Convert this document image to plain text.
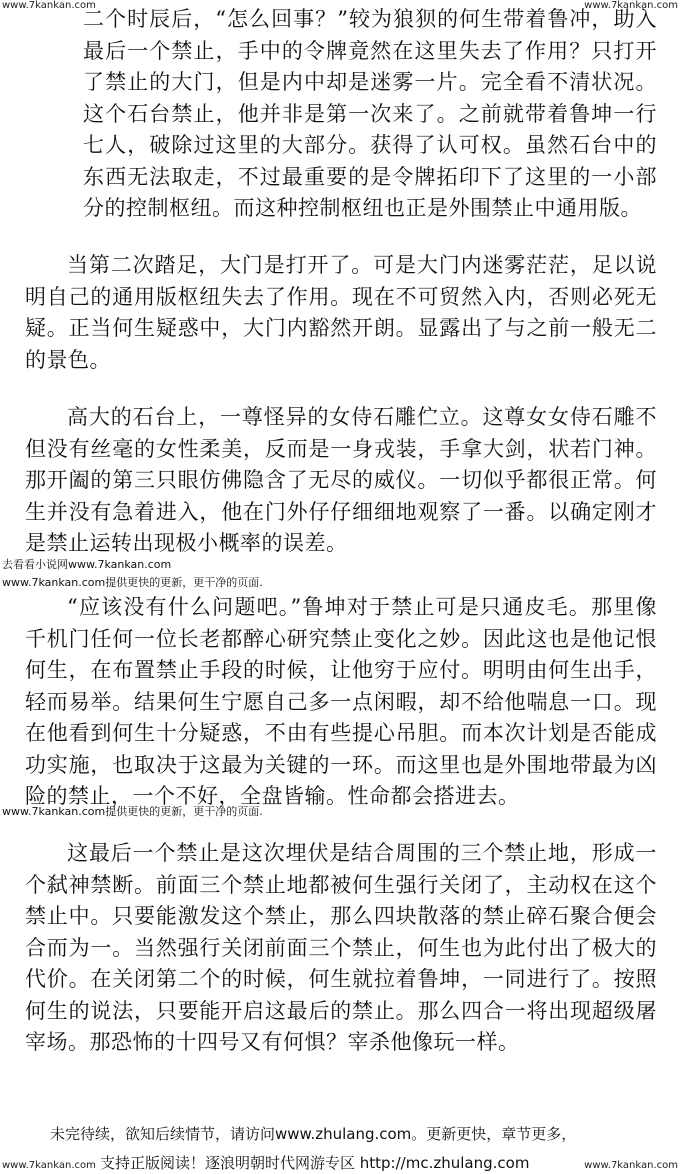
www.7kankan.com	www.7kankan.com

二个时辰后，“怎么回事？”较为狼狈的何生带着鲁冲，助入最后一个禁止，手中的令牌竟然在这里失去了作用？只打开了禁止的大门，但是内中却是迷雾一片。完全看不清状况。这个石台禁止，他并非是第一次来了。之前就带着鲁坤一行七人，破除过这里的大部分。获得了认可权。虽然石台中的东西无法取走，不过最重要的是令牌拓印下了这里的一小部分的控制枢纽。而这种控制枢纽也正是外围禁止中通用版。

当第二次踏足，大门是打开了。可是大门内迷雾茫茫，足以说明自己的通用版枢纽失去了作用。现在不可贸然入内，否则必死无疑。正当何生疑惑中，大门内豁然开朗。显露出了与之前一般无二的景色。

高大的石台上，一尊怪异的女侍石雕伫立。这尊女女侍石雕不但没有丝毫的女性柔美，反而是一身戎装，手拿大剑，状若门神。那开阖的第三只眼仿佛隐含了无尽的威仪。一切似乎都很正常。何生并没有急着进入，他在门外仔仔细细地观察了一番。以确定刚才是禁止运转出现极小概率的误差。

去看看小说网www.7kankan.com
www.7kankan.com提供更快的更新，更干净的页面.

“应该没有什么问题吧。”鲁坤对于禁止可是只通皮毛。那里像千机门任何一位长老都醉心研究禁止变化之妙。因此这也是他记恨何生，在布置禁止手段的时候，让他穷于应付。明明由何生出手，轻而易举。结果何生宁愿自己多一点闲暇，却不给他喘息一口。现在他看到何生十分疑惑，不由有些提心吊胆。而本次计划是否能成功实施，也取决于这最为关键的一环。而这里也是外围地带最为凶险的禁止，一个不好，全盘皆输。性命都会搭进去。

www.7kankan.com提供更快的更新，更干净的页面.

这最后一个禁止是这次埋伏是结合周围的三个禁止地，形成一个弑神禁断。前面三个禁止地都被何生强行关闭了，主动权在这个禁止中。只要能激发这个禁止，那么四块散落的禁止碎石聚合便会合而为一。当然强行关闭前面三个禁止，何生也为此付出了极大的代价。在关闭第二个的时候，何生就拉着鲁坤，一同进行了。按照何生的说法，只要能开启这最后的禁止。那么四合一将出现超级屠宰场。那恐怖的十四号又有何惧？宰杀他像玩一样。

未完待续，欲知后续情节，请访问www.zhulang.com。更新更快，章节更多，
支持正版阅读！逐浪明朝时代网游专区 http://mc.zhulang.com
www.7kankan.com	www.7kankan.com
